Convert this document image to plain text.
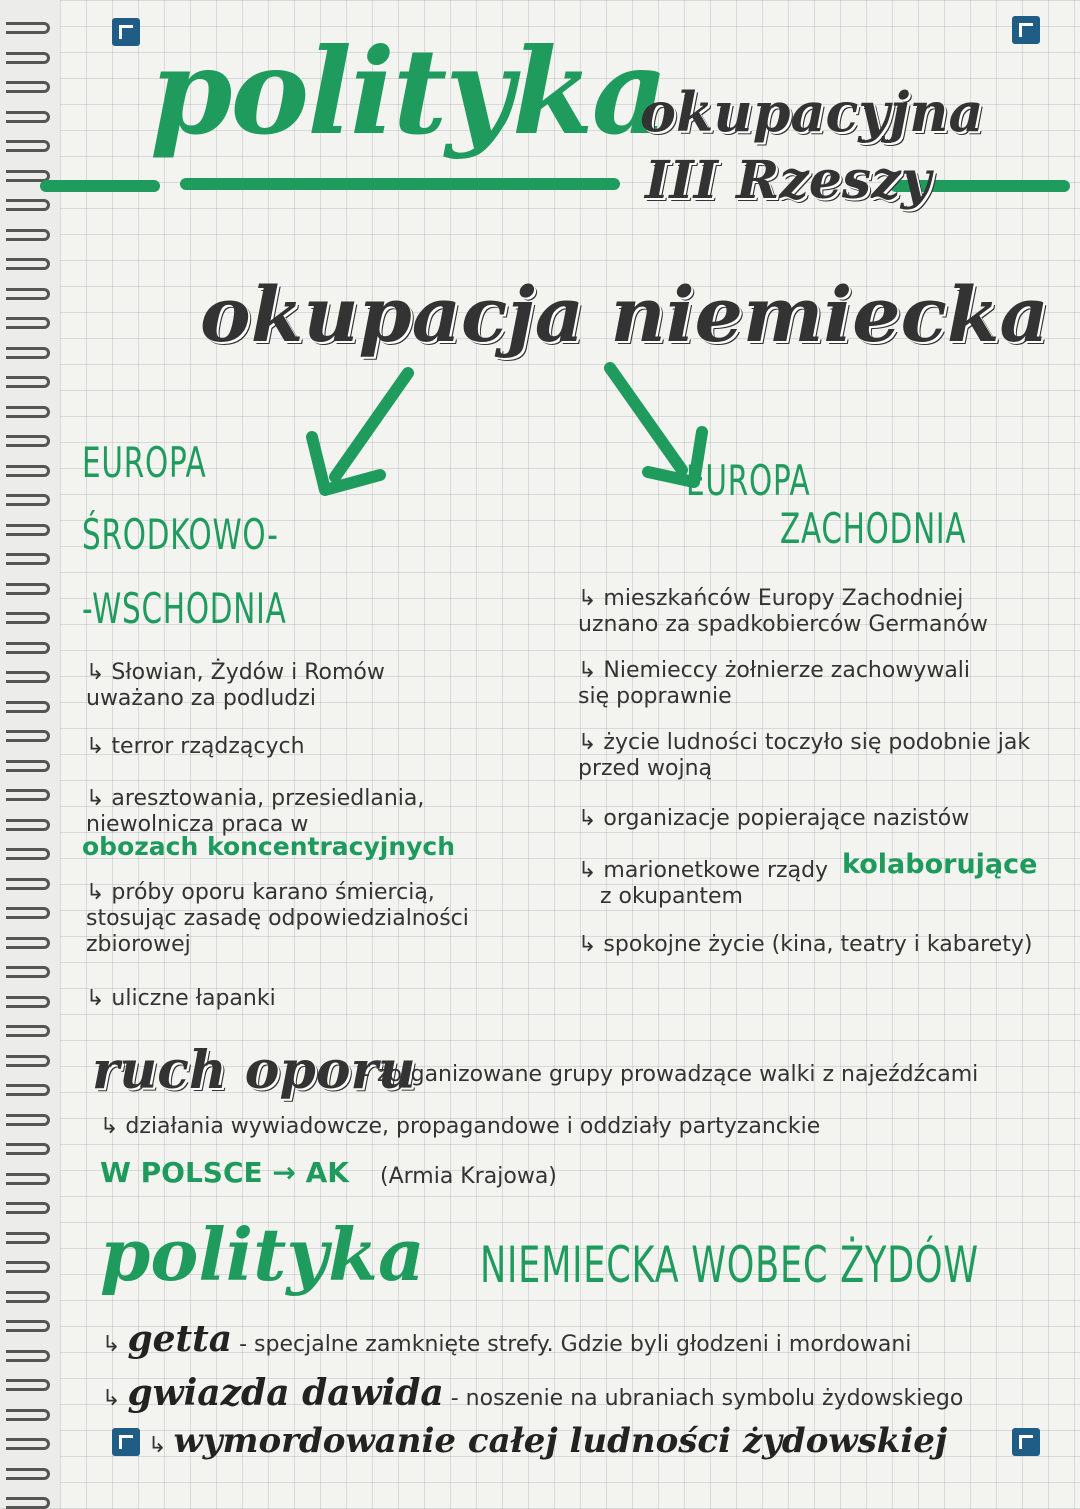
polityka
okupacyjna
III Rzeszy
okupacja niemiecka
EUROPA
ŚRODKOWO-
-WSCHODNIA
↳ Słowian, Żydów i Romów uważano za podludzi
↳ terror rządzących
↳ aresztowania, przesiedlania, niewolnicza praca w
obozach koncentracyjnych
↳ próby oporu karano śmiercią, stosując zasadę odpowiedzialności zbiorowej
↳ uliczne łapanki
EUROPA
ZACHODNIA
↳ mieszkańców Europy Zachodniej uznano za spadkobierców Germanów
↳ Niemieccy żołnierze zachowywali się poprawnie
↳ życie ludności toczyło się podobnie jak przed wojną
↳ organizacje popierające nazistów
↳ marionetkowe rządy kolaborujące
z okupantem
↳ spokojne życie (kina, teatry i kabarety)
ruch oporu
- zorganizowane grupy prowadzące walki z najeźdźcami
↳ działania wywiadowcze, propagandowe i oddziały partyzanckie
W POLSCE → AK (Armia Krajowa)
polityka NIEMIECKA WOBEC ŻYDÓW
↳ getta - specjalne zamknięte strefy. Gdzie byli głodzeni i mordowani
↳ gwiazda dawida - noszenie na ubraniach symbolu żydowskiego
↳ wymordowanie całej ludności żydowskiej
